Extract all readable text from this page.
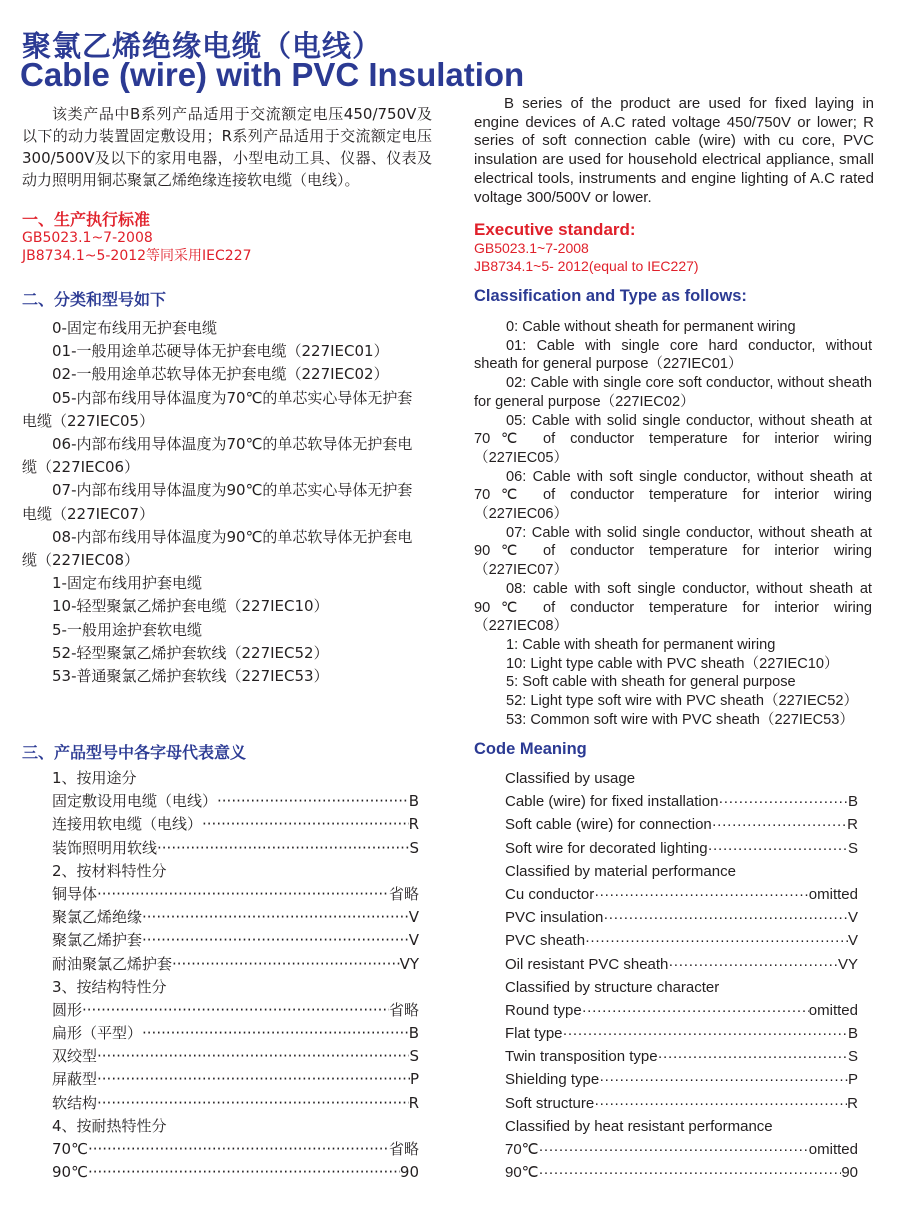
聚氯乙烯绝缘电缆（电线）
Cable (wire) with PVC Insulation
该类产品中B系列产品适用于交流额定电压450/750V及以下的动力装置固定敷设用；R系列产品适用于交流额定电压300/500V及以下的家用电器，小型电动工具、仪器、仪表及动力照明用铜芯聚氯乙烯绝缘连接软电缆（电线）。
B series of the product are used for fixed laying in engine devices of A.C rated voltage 450/750V or lower; R series of soft connection cable (wire) with cu core, PVC insulation are used for household electrical appliance, small electrical tools, instruments and engine lighting of A.C rated voltage 300/500V or lower.
一、生产执行标准
GB5023.1~7-2008
JB8734.1~5-2012等同采用IEC227
Executive standard:
GB5023.1~7-2008
JB8734.1~5- 2012(equal to IEC227)
二、分类和型号如下	Classification and Type as follows:
0-固定布线用无护套电缆
01-一般用途单芯硬导体无护套电缆（227IEC01）
02-一般用途单芯软导体无护套电缆（227IEC02）
05-内部布线用导体温度为70℃的单芯实心导体无护套
电缆（227IEC05）
06-内部布线用导体温度为70℃的单芯软导体无护套电
缆（227IEC06）
07-内部布线用导体温度为90℃的单芯实心导体无护套
电缆（227IEC07）
08-内部布线用导体温度为90℃的单芯软导体无护套电
缆（227IEC08）
1-固定布线用护套电缆
10-轻型聚氯乙烯护套电缆（227IEC10）
5-一般用途护套软电缆
52-轻型聚氯乙烯护套软线（227IEC52）
53-普通聚氯乙烯护套软线（227IEC53）
0: Cable without sheath for permanent wiring
01: Cable with single core hard conductor, without sheath for general purpose（227IEC01）
02: Cable with single core soft conductor, without sheath for general purpose（227IEC02）
05: Cable with solid single conductor, without sheath at 70℃ of conductor temperature for interior wiring（227IEC05）
06: Cable with soft single conductor, without sheath at 70℃ of conductor temperature for interior wiring（227IEC06）
07: Cable with solid single conductor, without sheath at 90℃ of conductor temperature for interior wiring（227IEC07）
08: cable with soft single conductor, without sheath at 90℃ of conductor temperature for interior wiring（227IEC08）
1: Cable with sheath for permanent wiring
10: Light type cable with PVC sheath（227IEC10）
5: Soft cable with sheath for general purpose
52: Light type soft wire with PVC sheath（227IEC52）
53: Common soft wire with PVC sheath（227IEC53）
三、产品型号中各字母代表意义	Code Meaning
1、按用途分
固定敷设用电缆（电线） ·····	B
连接用软电缆（电线） ·····	R
装饰照明用软线 ·····	S
2、按材料特性分
铜导体 ·····	省略
聚氯乙烯绝缘 ·····	V
聚氯乙烯护套 ·····	V
耐油聚氯乙烯护套 ·····	VY
3、按结构特性分
圆形 ·····	省略
扁形（平型） ·····	B
双绞型 ·····	S
屏蔽型 ·····	P
软结构 ·····	R
4、按耐热特性分
70℃ ·····	省略
90℃ ·····	90
Classified by usage
Cable (wire) for fixed installation ·····	B
Soft cable (wire) for connection ·····	R
Soft wire for decorated lighting ·····	S
Classified by material performance
Cu conductor ·····	omitted
PVC insulation ·····	V
PVC sheath ·····	V
Oil resistant PVC sheath ·····	VY
Classified by structure character
Round type ·····	omitted
Flat type ·····	B
Twin transposition type ·····	S
Shielding type ·····	P
Soft structure ·····	R
Classified by heat resistant performance
70℃ ·····	omitted
90℃ ·····	90
